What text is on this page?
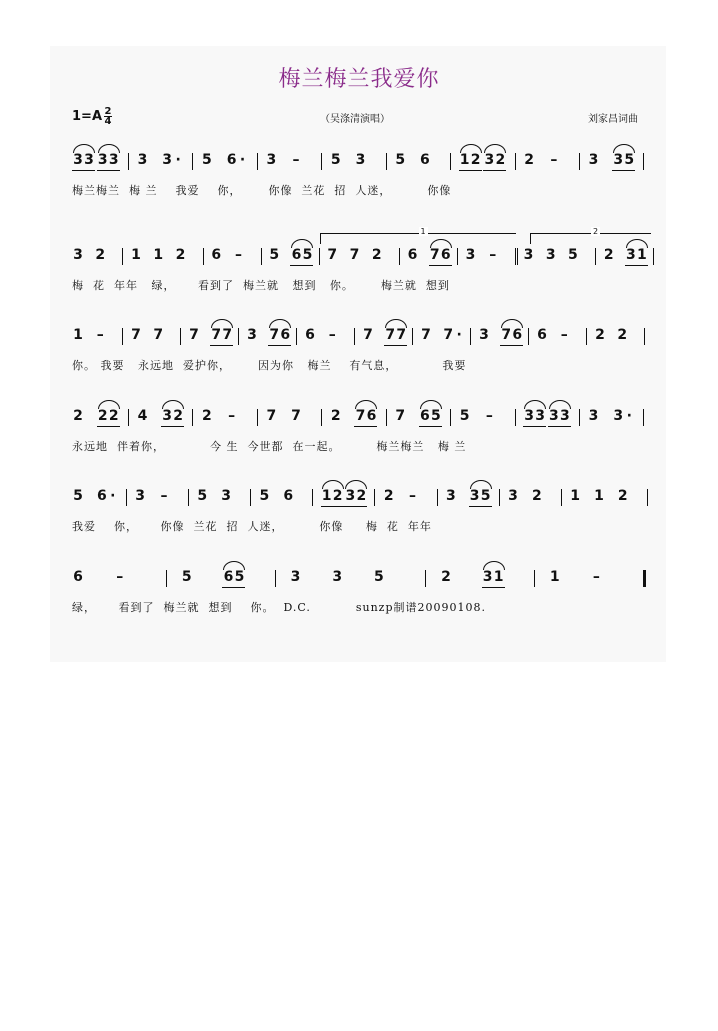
梅兰梅兰我爱你
1=A 2
4	（吴涤清演唱）	刘家昌词曲
3 3 3 3 3 3 · 5 6 · 3 – 5 3 5 6 1 2 3 2 2 – 3 3 5
梅兰梅兰  梅 兰    我爱    你，      你像  兰花  招  人迷，        你像
3 2 1 1 2 6 – 5 6 5 7 7 2 6 7 6 3 – 3 3 5 2 3 1
梅  花  年年   绿，     看到了  梅兰就   想到   你。      梅兰就  想到
1	2
1 – 7 7 7 7 7 3 7 6 6 – 7 7 7 7 7 · 3 7 6 6 – 2 2
你。 我要   永远地  爱护你，      因为你   梅兰    有气息，          我要
2 2 2 4 3 2 2 – 7 7 2 7 6 7 6 5 5 – 3 3 3 3 3 3 ·
永远地  伴着你，          今 生  今世都  在一起。        梅兰梅兰   梅 兰
5 6 · 3 – 5 3 5 6 1 2 3 2 2 – 3 3 5 3 2 1 1 2
我爱    你，     你像  兰花  招  人迷，        你像     梅  花  年年
6 –	5 6 5	3 3 5	2 3 1	1 –
绿，     看到了  梅兰就  想到    你。  D.C.          sunzp制谱20090108.
